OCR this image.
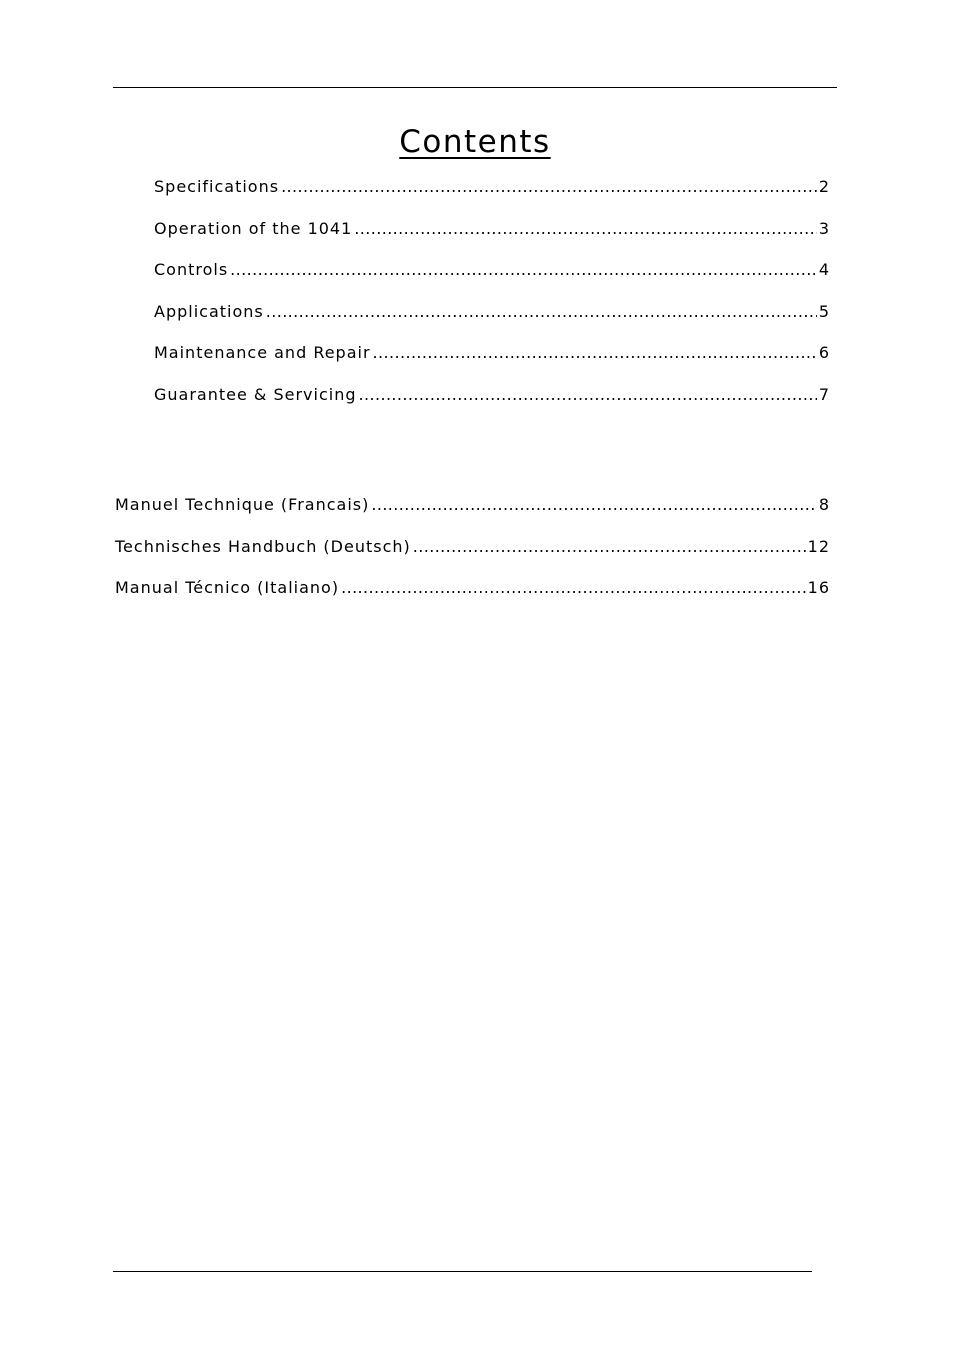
Contents
Specifications .....	2
Operation of the 1041 .....	3
Controls .....	4
Applications .....	5
Maintenance and Repair .....	6
Guarantee & Servicing .....	7
Manuel Technique (Francais) .....	8
Technisches Handbuch (Deutsch) .....	12
Manual Técnico (Italiano) .....	16
